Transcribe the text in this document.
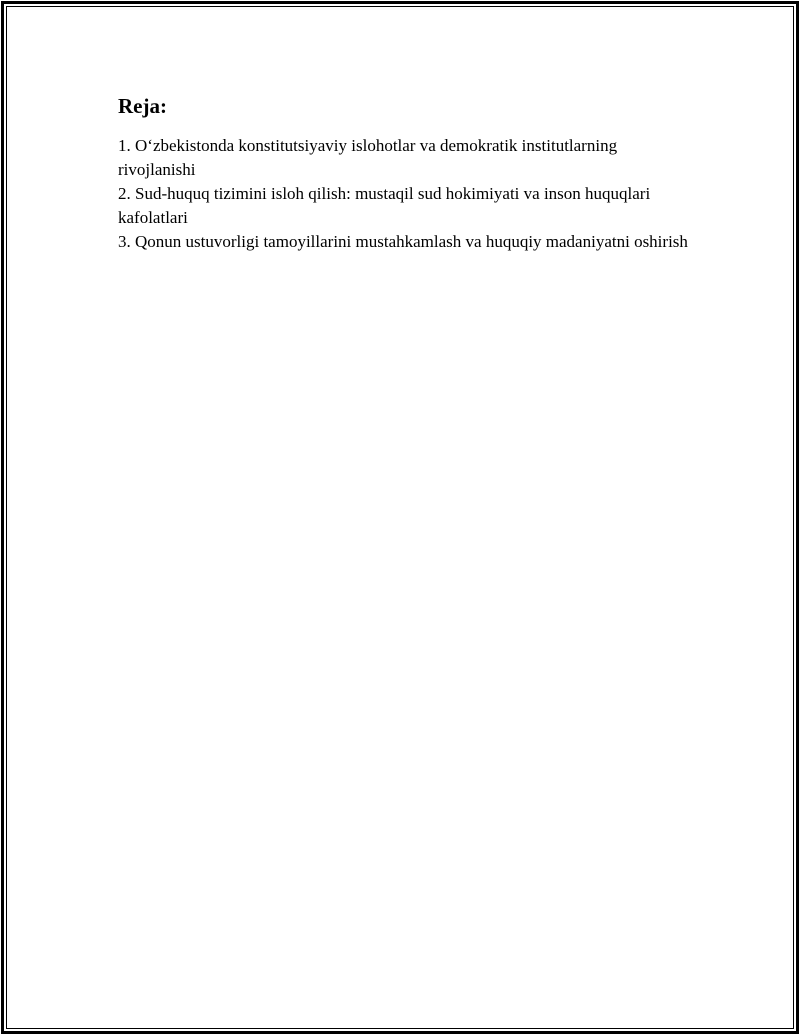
Reja:
1. O‘zbekistonda konstitutsiyaviy islohotlar va demokratik institutlarning rivojlanishi
2. Sud-huquq tizimini isloh qilish: mustaqil sud hokimiyati va inson huquqlari kafolatlari
3. Qonun ustuvorligi tamoyillarini mustahkamlash va huquqiy madaniyatni oshirish
